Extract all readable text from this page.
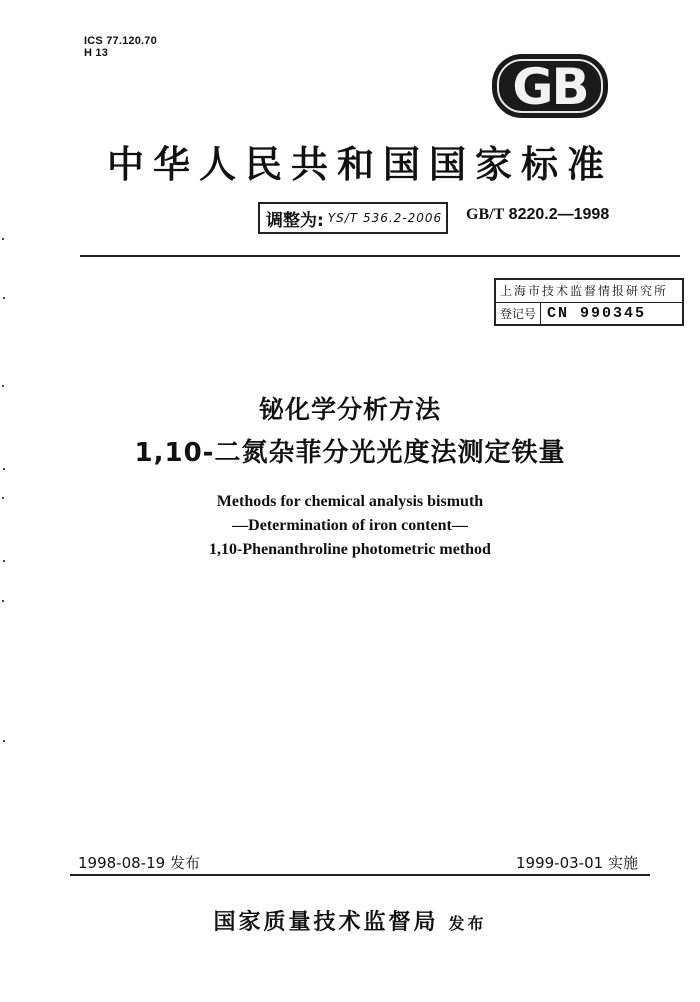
ICS 77.120.70
H 13
GB
中华人民共和国国家标准
调整为: YS/T 536.2-2006 GB/T 8220.2—1998
上海市技术监督情报研究所
登记号 CN 990345
铋化学分析方法
1,10-二氮杂菲分光光度法测定铁量
Methods for chemical analysis bismuth
—Determination of iron content—
1,10-Phenanthroline photometric method
1998-08-19 发布	1999-03-01 实施
国家质量技术监督局 发布
